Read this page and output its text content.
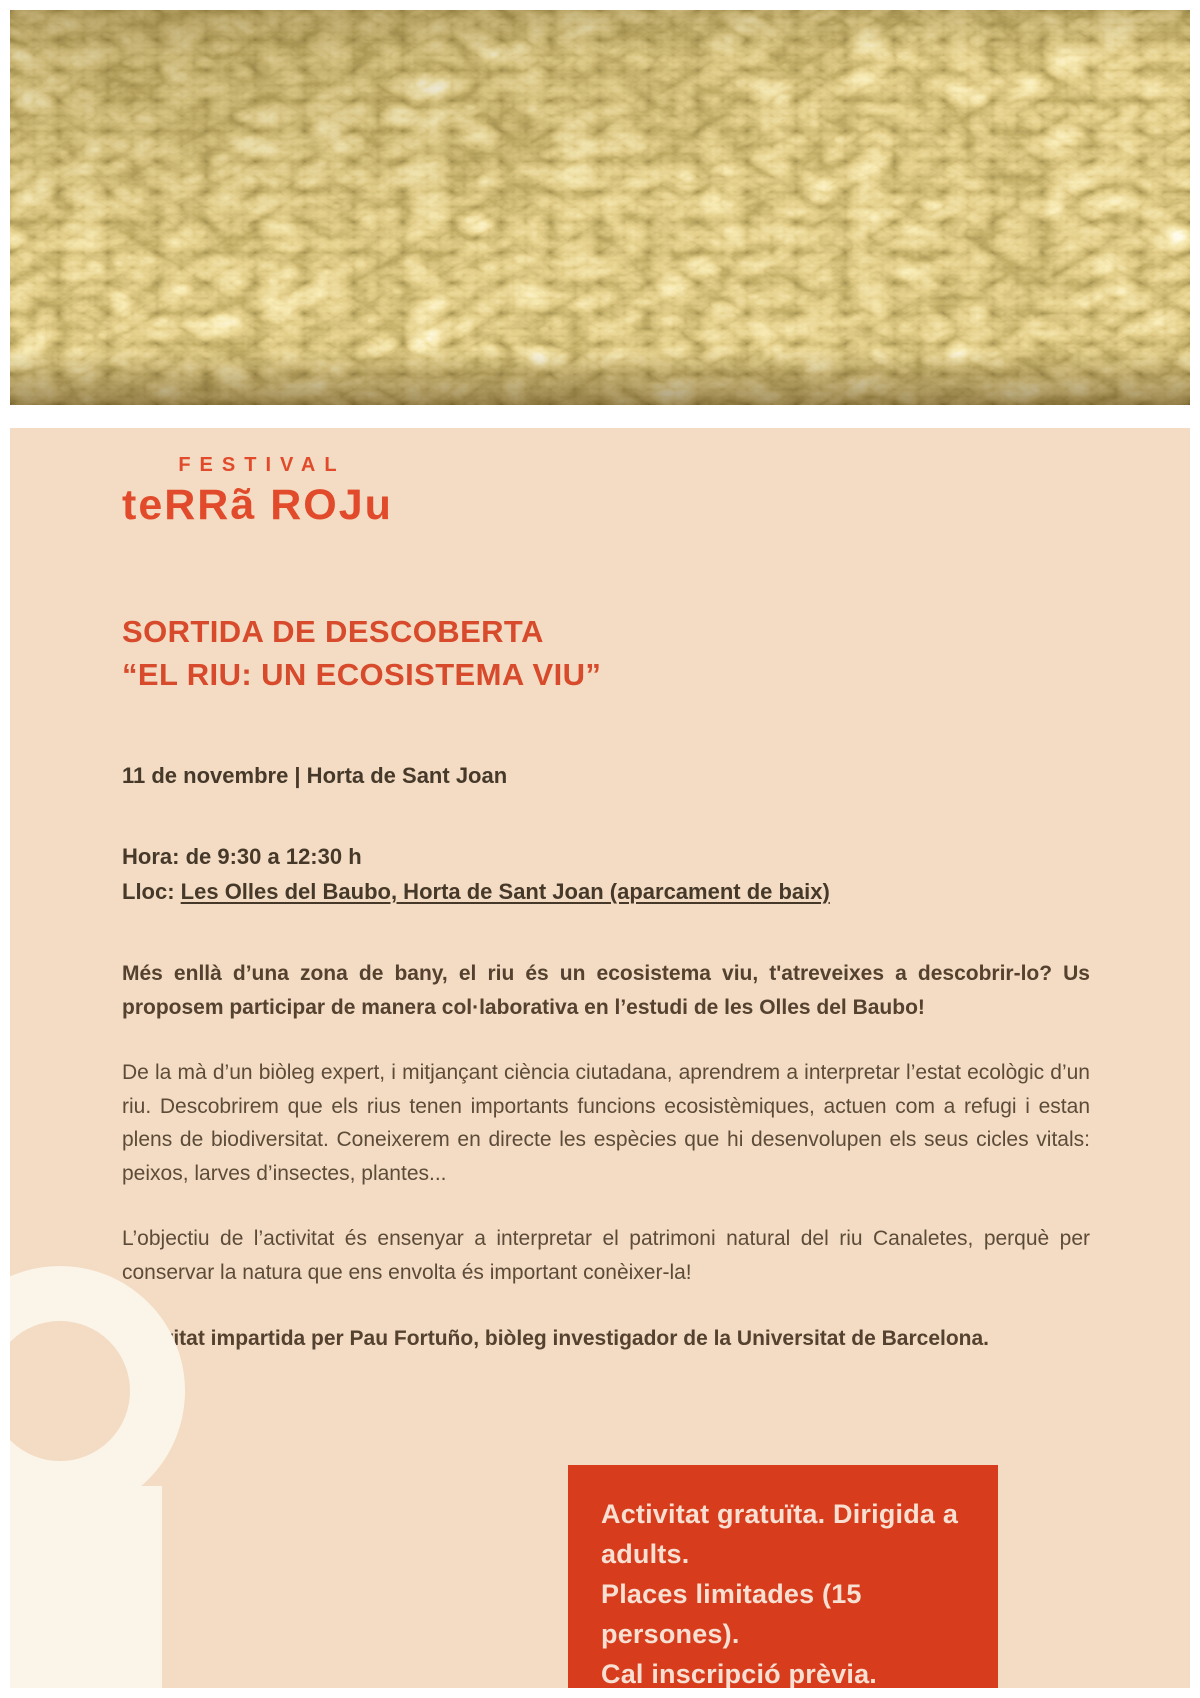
FESTIVAL
teRRã ROJu
SORTIDA DE DESCOBERTA
“EL RIU: UN ECOSISTEMA VIU”
11 de novembre | Horta de Sant Joan
Hora: de 9:30 a 12:30 h
Lloc: Les Olles del Baubo, Horta de Sant Joan (aparcament de baix)

Més enllà d’una zona de bany, el riu és un ecosistema viu, t'atreveixes a descobrir-lo? Us proposem participar de manera col·laborativa en l’estudi de les Olles del Baubo!

De la mà d’un biòleg expert, i mitjançant ciència ciutadana, aprendrem a interpretar l’estat ecològic d’un riu. Descobrirem que els rius tenen importants funcions ecosistèmiques, actuen com a refugi i estan plens de biodiversitat. Coneixerem en directe les espècies que hi desenvolupen els seus cicles vitals: peixos, larves d’insectes, plantes...

L’objectiu de l’activitat és ensenyar a interpretar el patrimoni natural del riu Canaletes, perquè per conservar la natura que ens envolta és important conèixer-la!

Activitat impartida per Pau Fortuño, biòleg investigador de la Universitat de Barcelona.

Activitat gratuïta. Dirigida a adults.
Places limitades (15 persones).
Cal inscripció prèvia.
